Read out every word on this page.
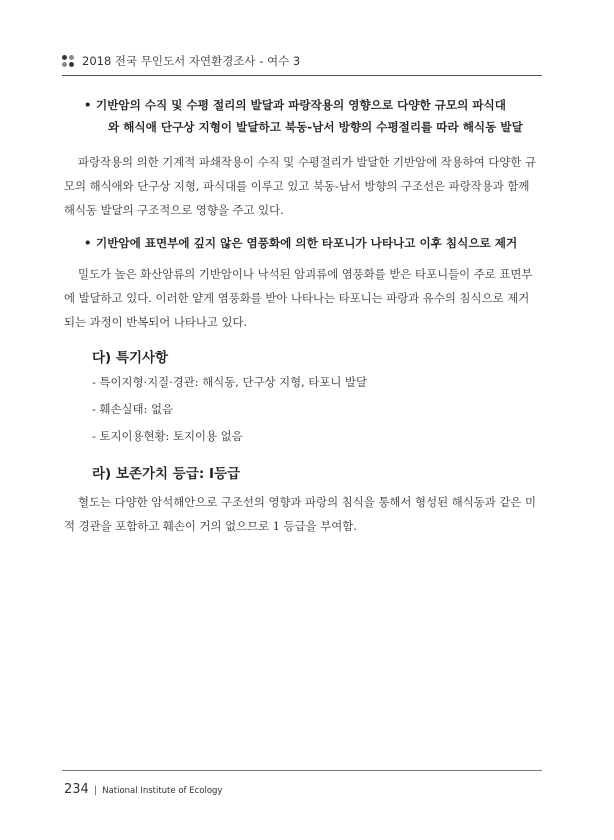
2018 전국 무인도서 자연환경조사 - 여수 3
• 기반암의 수직 및 수평 절리의 발달과 파랑작용의 영향으로 다양한 규모의 파식대
와 해식애 단구상 지형이 발달하고 북동-남서 방향의 수평절리를 따라 해식동 발달
파랑작용의 의한 기계적 파쇄작용이 수직 및 수평절리가 발달한 기반암에 작용하여 다양한 규모의 해식애와 단구상 지형, 파식대를 이루고 있고 북동-남서 방향의 구조선은 파랑작용과 함께 해식동 발달의 구조적으로 영향을 주고 있다.
• 기반암에 표면부에 깊지 않은 염풍화에 의한 타포니가 나타나고 이후 침식으로 제거
밀도가 높은 화산암류의 기반암이나 낙석된 암괴류에 염풍화를 받은 타포니들이 주로 표면부에 발달하고 있다. 이러한 얕게 염풍화를 받아 나타나는 타포니는 파랑과 유수의 침식으로 제거되는 과정이 반복되어 나타나고 있다.
다) 특기사항
- 특이지형·지질·경관: 해식동, 단구상 지형, 타포니 발달
- 훼손실태: 없음
- 토지이용현황: 토지이용 없음
라) 보존가치 등급: Ⅰ등급
혈도는 다양한 암석해안으로 구조선의 영향과 파랑의 침식을 통해서 형성된 해식동과 같은 미적 경관을 포함하고 훼손이 거의 없으므로 1 등급을 부여함.
234 | National Institute of Ecology
